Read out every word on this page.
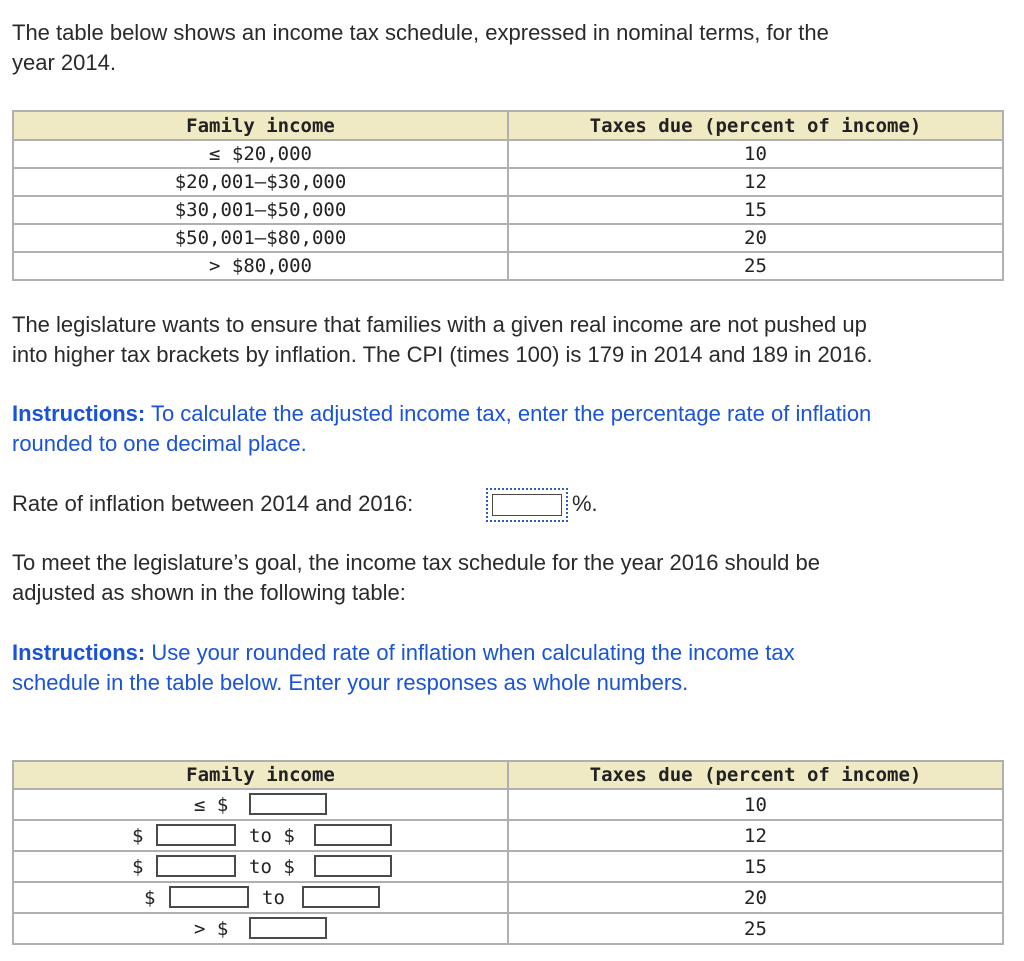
The table below shows an income tax schedule, expressed in nominal terms, for the
year 2014.
Family income	Taxes due (percent of income)
≤ $20,000	10
$20,001–$30,000	12
$30,001–$50,000	15
$50,001–$80,000	20
> $80,000	25
The legislature wants to ensure that families with a given real income are not pushed up
into higher tax brackets by inflation. The CPI (times 100) is 179 in 2014 and 189 in 2016.
Instructions: To calculate the adjusted income tax, enter the percentage rate of inflation
rounded to one decimal place.
Rate of inflation between 2014 and 2016:	%.
To meet the legislature’s goal, the income tax schedule for the year 2016 should be
adjusted as shown in the following table:
Instructions: Use your rounded rate of inflation when calculating the income tax
schedule in the table below. Enter your responses as whole numbers.
Family income	Taxes due (percent of income)

≤ $	10

$ to $	12

$ to $	15

$ to	20

> $	25
